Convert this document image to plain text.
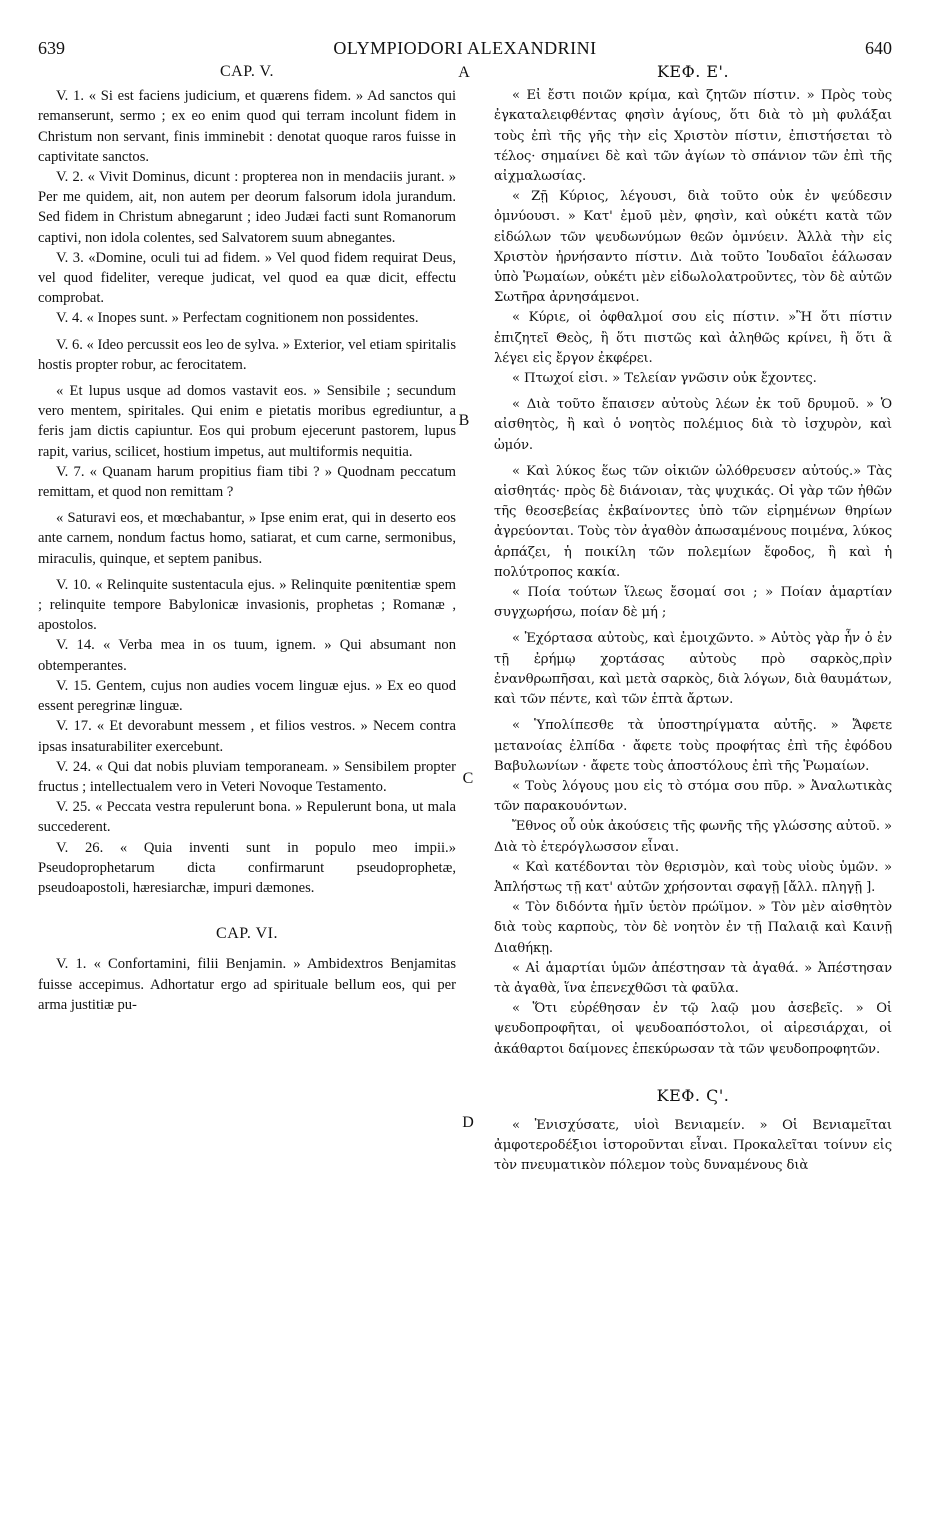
639	OLYMPIODORI ALEXANDRINI	640
A
B
C
D
CAP. V.

V. 1. « Si est faciens judicium, et quærens fidem. » Ad sanctos qui remanserunt, sermo ; ex eo enim quod qui terram incolunt fidem in Christum non servant, finis imminebit : denotat quoque raros fuisse in captivitate sanctos.

V. 2. « Vivit Dominus, dicunt : propterea non in mendaciis jurant. » Per me quidem, ait, non autem per deorum falsorum idola jurandum. Sed fidem in Christum abnegarunt ; ideo Judæi facti sunt Romanorum captivi, non idola colentes, sed Salvatorem suum abnegantes.

V. 3. «Domine, oculi tui ad fidem. » Vel quod fidem requirat Deus, vel quod fideliter, vereque judicat, vel quod ea quæ dicit, effectu comprobat.

V. 4. « Inopes sunt. » Perfectam cognitionem non possidentes.

V. 6. « Ideo percussit eos leo de sylva. » Exterior, vel etiam spiritalis hostis propter robur, ac ferocitatem.

« Et lupus usque ad domos vastavit eos. » Sensibile ; secundum vero mentem, spiritales. Qui enim e pietatis moribus egrediuntur, a feris jam dictis capiuntur. Eos qui probum ejecerunt pastorem, lupus rapit, varius, scilicet, hostium impetus, aut multiformis nequitia.

V. 7. « Quanam harum propitius fiam tibi ? » Quodnam peccatum remittam, et quod non remittam ?

« Saturavi eos, et mœchabantur, » Ipse enim erat, qui in deserto eos ante carnem, nondum factus homo, satiarat, et cum carne, sermonibus, miraculis, quinque, et septem panibus.

V. 10. « Relinquite sustentacula ejus. » Relinquite pœnitentiæ spem ; relinquite tempore Babylonicæ invasionis, prophetas ; Romanæ , apostolos.

V. 14. « Verba mea in os tuum, ignem. » Qui absumant non obtemperantes.

V. 15. Gentem, cujus non audies vocem linguæ ejus. » Ex eo quod essent peregrinæ linguæ.

V. 17. « Et devorabunt messem , et filios vestros. » Necem contra ipsas insaturabiliter exercebunt.

V. 24. « Qui dat nobis pluviam temporaneam. » Sensibilem propter fructus ; intellectualem vero in Veteri Novoque Testamento.

V. 25. « Peccata vestra repulerunt bona. » Repulerunt bona, ut mala succederent.

V. 26. « Quia inventi sunt in populo meo impii.» Pseudoprophetarum dicta confirmarunt pseudoprophetæ, pseudoapostoli, hæresiarchæ, impuri dæmones.

CAP. VI.

V. 1. « Confortamini, filii Benjamin. » Ambidextros Benjamitas fuisse accepimus. Adhortatur ergo ad spirituale bellum eos, qui per arma justitiæ pu-

ΚΕΦ. Ε'.

« Εἰ ἔστι ποιῶν κρίμα, καὶ ζητῶν πίστιν. » Πρὸς τοὺς ἐγκαταλειφθέντας φησὶν ἁγίους, ὅτι διὰ τὸ μὴ φυλάξαι τοὺς ἐπὶ τῆς γῆς τὴν εἰς Χριστὸν πίστιν, ἐπιστήσεται τὸ τέλος· σημαίνει δὲ καὶ τῶν ἁγίων τὸ σπάνιον τῶν ἐπὶ τῆς αἰχμαλωσίας.

« Ζῇ Κύριος, λέγουσι, διὰ τοῦτο οὐκ ἐν ψεύδεσιν ὀμνύουσι. » Κατ' ἐμοῦ μὲν, φησὶν, καὶ οὐκέτι κατὰ τῶν εἰδώλων τῶν ψευδωνύμων θεῶν ὀμνύειν. Ἀλλὰ τὴν εἰς Χριστὸν ἠρνήσαντο πίστιν. Διὰ τοῦτο Ἰουδαῖοι ἑάλωσαν ὑπὸ Ῥωμαίων, οὐκέτι μὲν εἰδωλολατροῦντες, τὸν δὲ αὐτῶν Σωτῆρα ἀρνησάμενοι.

« Κύριε, οἱ ὀφθαλμοί σου εἰς πίστιν. »Ἢ ὅτι πίστιν ἐπιζητεῖ Θεὸς, ἢ ὅτι πιστῶς καὶ ἀληθῶς κρίνει, ἢ ὅτι ἃ λέγει εἰς ἔργον ἐκφέρει.

« Πτωχοί εἰσι. » Τελείαν γνῶσιν οὐκ ἔχοντες.

« Διὰ τοῦτο ἔπαισεν αὐτοὺς λέων ἐκ τοῦ δρυμοῦ. » Ὁ αἰσθητὸς, ἢ καὶ ὁ νοητὸς πολέμιος διὰ τὸ ἰσχυρὸν, καὶ ὠμόν.

« Καὶ λύκος ἕως τῶν οἰκιῶν ὠλόθρευσεν αὐτούς.» Τὰς αἰσθητάς· πρὸς δὲ διάνοιαν, τὰς ψυχικάς. Οἱ γὰρ τῶν ἠθῶν τῆς θεοσεβείας ἐκβαίνοντες ὑπὸ τῶν εἰρημένων θηρίων ἀγρεύονται. Τοὺς τὸν ἀγαθὸν ἀπωσαμένους ποιμένα, λύκος ἁρπάζει, ἡ ποικίλη τῶν πολεμίων ἔφοδος, ἢ καὶ ἡ πολύτροπος κακία.

« Ποία τούτων ἵλεως ἔσομαί σοι ; » Ποίαν ἁμαρτίαν συγχωρήσω, ποίαν δὲ μή ;

« Ἐχόρτασα αὐτοὺς, καὶ ἐμοιχῶντο. » Αὐτὸς γὰρ ἦν ὁ ἐν τῇ ἐρήμῳ χορτάσας αὐτοὺς πρὸ σαρκὸς,πρὶν ἐνανθρωπῆσαι, καὶ μετὰ σαρκὸς, διὰ λόγων, διὰ θαυμάτων, καὶ τῶν πέντε, καὶ τῶν ἑπτὰ ἄρτων.

« Ὑπολίπεσθε τὰ ὑποστηρίγματα αὐτῆς. » Ἄφετε μετανοίας ἐλπίδα · ἄφετε τοὺς προφήτας ἐπὶ τῆς ἐφόδου Βαβυλωνίων · ἄφετε τοὺς ἀποστόλους ἐπὶ τῆς Ῥωμαίων.

« Τοὺς λόγους μου εἰς τὸ στόμα σου πῦρ. » Ἀναλωτικὰς τῶν παρακουόντων.

Ἔθνος οὗ οὐκ ἀκούσεις τῆς φωνῆς τῆς γλώσσης αὐτοῦ. » Διὰ τὸ ἑτερόγλωσσον εἶναι.

« Καὶ κατέδονται τὸν θερισμὸν, καὶ τοὺς υἱοὺς ὑμῶν. » Ἀπλήστως τῇ κατ' αὐτῶν χρήσονται σφαγῇ [ἄλλ. πληγῇ ].

« Τὸν διδόντα ἡμῖν ὑετὸν πρώϊμον. » Τὸν μὲν αἰσθητὸν διὰ τοὺς καρποὺς, τὸν δὲ νοητὸν ἐν τῇ Παλαιᾷ καὶ Καινῇ Διαθήκῃ.

« Αἱ ἁμαρτίαι ὑμῶν ἀπέστησαν τὰ ἀγαθά. » Ἀπέστησαν τὰ ἀγαθὰ, ἵνα ἐπενεχθῶσι τὰ φαῦλα.

« Ὅτι εὑρέθησαν ἐν τῷ λαῷ μου ἀσεβεῖς. » Οἱ ψευδοπροφῆται, οἱ ψευδοαπόστολοι, οἱ αἱρεσιάρχαι, οἱ ἀκάθαρτοι δαίμονες ἐπεκύρωσαν τὰ τῶν ψευδοπροφητῶν.

ΚΕΦ. Ϛ'.

« Ἐνισχύσατε, υἱοὶ Βενιαμείν. » Οἱ Βενιαμεῖται ἀμφοτεροδέξιοι ἱστοροῦνται εἶναι. Προκαλεῖται τοίνυν εἰς τὸν πνευματικὸν πόλεμον τοὺς δυναμένους διὰ
